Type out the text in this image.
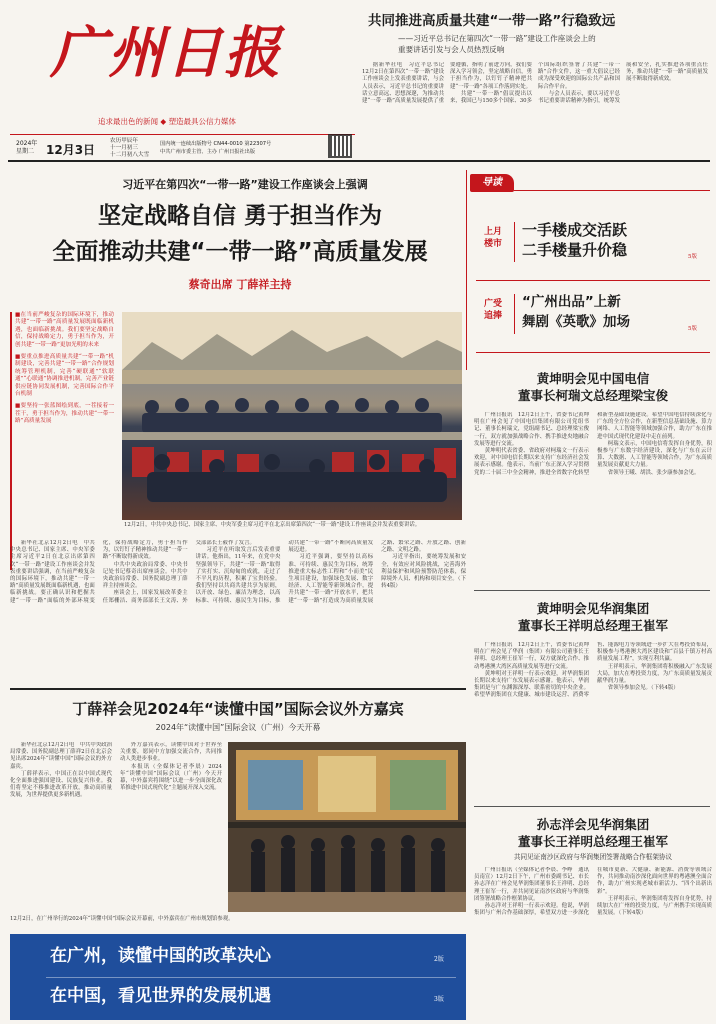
广州日报
追求最出色的新闻 ◆ 塑造最具公信力媒体
2024年
星期二 12月3日
农历甲辰年
十一月初三
十二月初八大雪
国内统一连续出版物号 CN44-0010 第22307号
中共广州市委主管、主办 广州日报社出版
共同推进高质量共建“一带一路”行稳致远
——习近平总书记在第四次“一带一路”建设工作座谈会上的
重要讲话引发与会人员热烈反响

据新华社电　习近平总书记12月2日在第四次“一带一路”建设工作座谈会上发表重要讲话，与会人员表示，习近平总书记的重要讲话立意高远、思想深邃，为推动共建“一带一路”高质量发展提供了重要遵循，指明了前进方向，我们要深入学习领会，坚定战略自信，勇于担当作为，以钉钉子精神把共建“一带一路”各项工作落到实处。

共建“一带一路”倡议提出以来，我国已与150多个国家、30多个国际组织签署了共建“一带一路”合作文件，这一重大倡议已经成为深受欢迎的国际公共产品和国际合作平台。

与会人员表示，要以习近平总书记重要讲话精神为指引，统筹发展和安全，扎实推进各项重点任务，推动共建“一带一路”高质量发展不断取得新成效。

习近平在第四次“一带一路”建设工作座谈会上强调
坚定战略自信 勇于担当作为
全面推动共建“一带一路”高质量发展
蔡奇出席 丁薛祥主持
■在当前严峻复杂的国际环境下，推动共建“一带一路”高质量发展既面临新机遇，也面临新挑战。我们要坚定战略自信，保持战略定力，勇于担当作为，开创共建“一带一路”更加光明的未来
■要重点推进高质量共建“一带一路”机制建设，完善共建“一带一路”合作规划统筹管理机制，完善“硬联通”“软联通”“心联通”协调推进机制，完善产业链供应链协同发展机制，完善国际合作平台机制
■要坚持一张蓝图绘到底，一茬接着一茬干，勇于担当作为，推动共建“一带一路”高质量发展
12月2日，中共中央总书记、国家主席、中央军委主席习近平在北京出席第四次“一带一路”建设工作座谈会并发表重要讲话。

新华社北京12月2日电　中共中央总书记、国家主席、中央军委主席习近平2日在北京出席第四次“一带一路”建设工作座谈会并发表重要讲话强调，在当前严峻复杂的国际环境下，推动共建“一带一路”高质量发展既面临新机遇，也面临新挑战。要正确认识和把握共建“一带一路”面临的外部环境变化，保持战略定力，勇于担当作为，以钉钉子精神推动共建“一带一路”不断取得新成效。

中共中央政治局常委、中央书记处书记蔡奇出席座谈会。中共中央政治局常委、国务院副总理丁薛祥主持座谈会。

座谈会上，国家发展改革委主任郑栅洁、商务部部长王文涛、外交部部长王毅作了发言。

习近平在听取发言后发表重要讲话。他指出，11年来，在党中央坚强领导下，共建“一带一路”取得了实打实、沉甸甸的成就，走过了不平凡的历程，积累了宝贵经验。我们坚持以共商共建共享为原则，以开放、绿色、廉洁为理念，以高标准、可持续、惠民生为目标，推动共建“一带一路”不断向高质量发展迈进。

习近平强调，要坚持以高标准、可持续、惠民生为目标，统筹推进重大标志性工程和“小而美”民生项目建设，加强绿色发展、数字经济、人工智能等新领域合作，提升共建“一带一路”开放水平，把共建“一带一路”打造成为高质量发展之路、繁荣之路、开放之路、创新之路、文明之路。

习近平指出，要统筹发展和安全，有效应对风险挑战，完善海外利益保护和风险预警防范体系，保障境外人员、机构和项目安全。（下转4版）

导读
上月
楼市
一手楼成交活跃
二手楼量升价稳	5版
广受
追捧
“广州出品”上新
舞剧《英歌》加场	5版
黄坤明会见中国电信
董事长柯瑞文总经理梁宝俊

广州日报讯　12月2日上午，省委书记黄坤明在广州会见了中国电信集团有限公司党组书记、董事长柯瑞文，党组副书记、总经理梁宝俊一行，双方就加强战略合作、携手推进央地融合发展等进行交流。

黄坤明代表省委、省政府对柯瑞文一行表示欢迎，对中国电信长期以来支持广东经济社会发展表示感谢。他表示，当前广东正深入学习贯彻党的二十届三中全会精神，推进全省数字化转型和新型基础设施建设。希望中国电信持续深化与广东的全方位合作，在新型信息基础设施、算力网络、人工智能等领域加强合作，助力广东在推进中国式现代化建设中走在前列。

柯瑞文表示，中国电信将发挥自身优势，积极参与广东数字经济建设，深化与广东在云计算、大数据、人工智能等领域合作，为广东高质量发展贡献更大力量。

省领导王曦、胡洪、张少康参加会见。

黄坤明会见华润集团
董事长王祥明总经理王崔军

广州日报讯　12月2日上午，省委书记黄坤明在广州会见了华润（集团）有限公司董事长王祥明、总经理王崔军一行，双方就深化合作、推动粤港澳大湾区高质量发展等进行交流。

黄坤明对王祥明一行表示欢迎，对华润集团长期以来支持广东发展表示感谢。他表示，华润集团是与广东渊源深厚、联系密切的中央企业。希望华润集团在大健康、城市建设运营、消费零售、能源电力等领域进一步扩大在粤投资布局，积极参与粤港澳大湾区建设和“百县千镇万村高质量发展工程”，实现互利共赢。

王祥明表示，华润集团将积极融入广东发展大局，加大在粤投资力度，为广东高质量发展贡献华润力量。

省领导参加会见。（下转4版）

孙志洋会见华润集团
董事长王祥明总经理王崔军
共同见证南沙区政府与华润集团签署战略合作框架协议

广州日报讯（全媒体记者李晨、李峥　通讯员南宣）12月2日下午，广州市委副书记、市长孙志洋在广州会见华润集团董事长王祥明、总经理王崔军一行，并共同见证南沙区政府与华润集团签署战略合作框架协议。

孙志洋对王祥明一行表示欢迎。他说，华润集团与广州合作基础深厚，希望双方进一步深化在城市更新、大健康、新能源、消费等领域合作，共同推动南沙深化面向世界的粤港澳全面合作，助力广州实现老城市新活力、“四个出新出彩”。

王祥明表示，华润集团将发挥自身优势，持续加大在广州的投资力度，与广州携手实现高质量发展。（下转4版）

丁薛祥会见2024年“读懂中国”国际会议外方嘉宾
2024年“读懂中国”国际会议（广州）今天开幕

新华社北京12月2日电　中共中央政治局常委、国务院副总理丁薛祥2日在北京会见出席2024年“读懂中国”国际会议的外方嘉宾。

丁薛祥表示，中国正在以中国式现代化全面推进强国建设、民族复兴伟业。我们将坚定不移推进改革开放，推动高质量发展，为世界提供更多新机遇。

外方嘉宾表示，读懂中国对于世界至关重要，愿同中方加强交流合作，共同推动人类进步事业。

本报讯（全媒体记者李晨）2024年“读懂中国”国际会议（广州）今天开幕，中外嘉宾将围绕“以进一步全面深化改革推进中国式现代化”主题展开深入交流。

12月2日，在广州举行的2024年“读懂中国”国际会议开幕前，中外嘉宾在广州市规划馆参观。
在广州，读懂中国的改革决心	2版
在中国，看见世界的发展机遇	3版
